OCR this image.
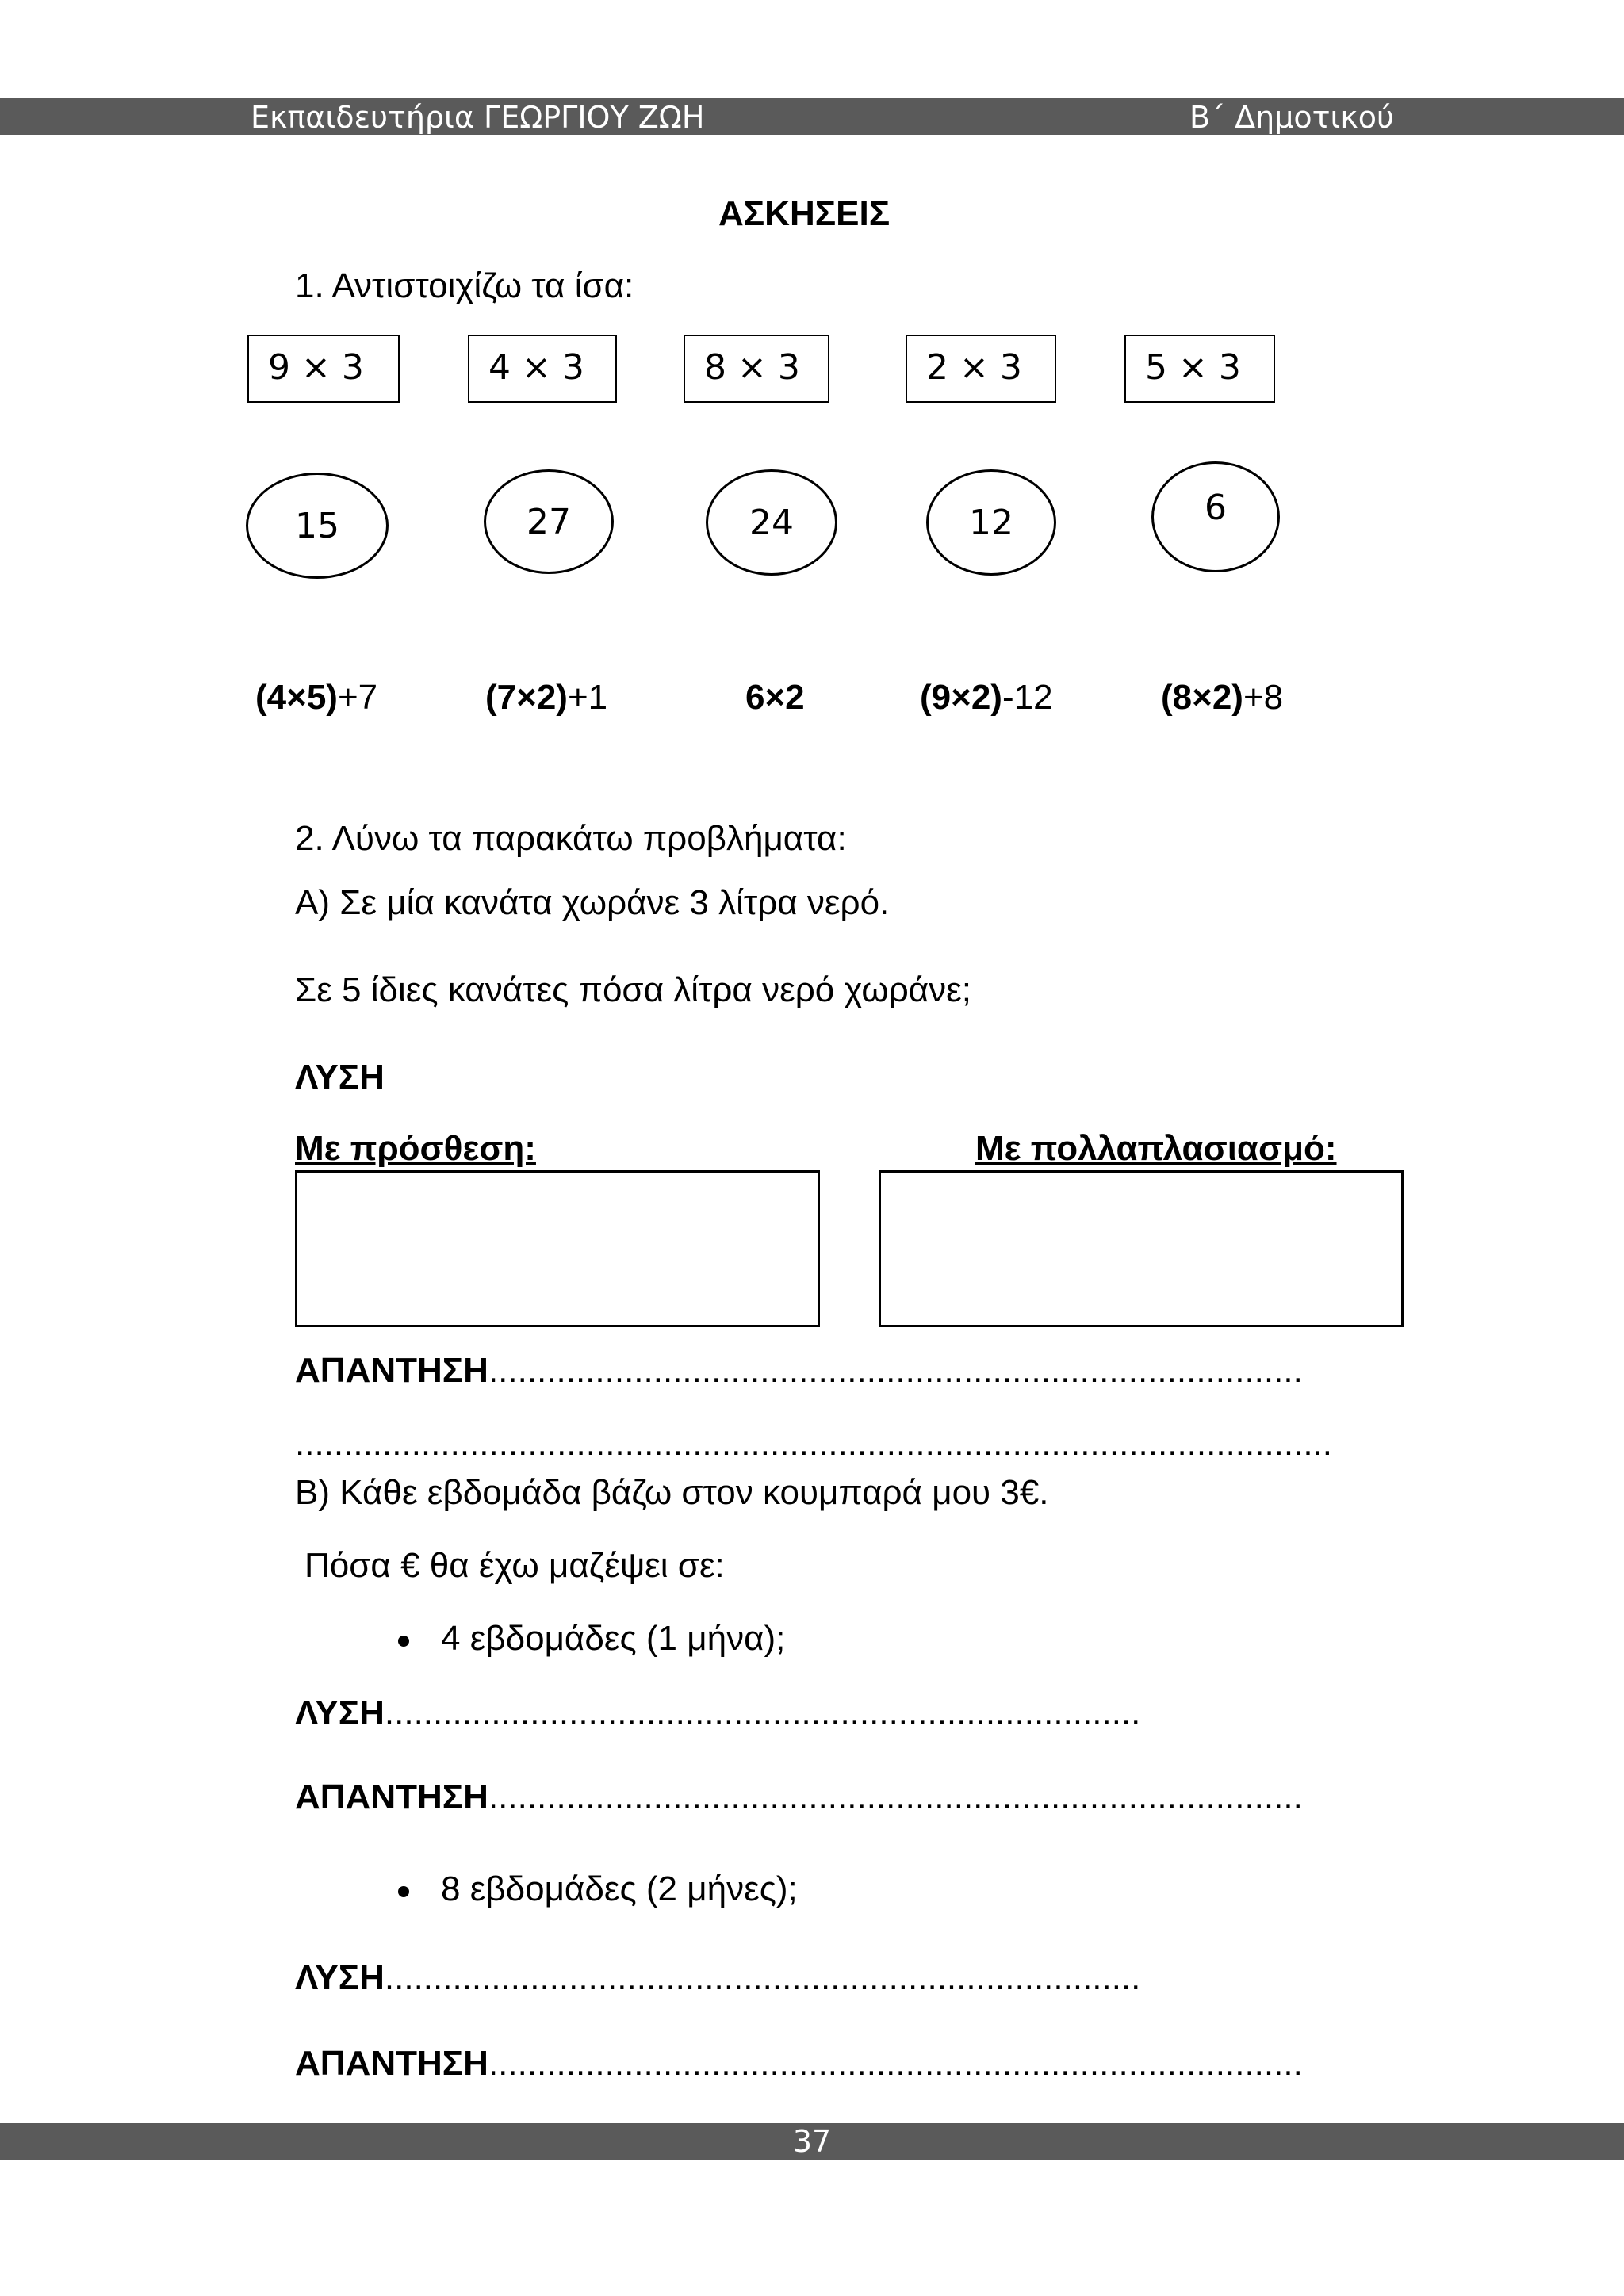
Εκπαιδευτήρια ΓΕΩΡΓΙΟΥ ΖΩΗ	Β΄ Δημοτικού
ΑΣΚΗΣΕΙΣ
1. Αντιστοιχίζω τα ίσα:
9 × 3	4 × 3	8 × 3	2 × 3	5 × 3
15	27	24	12	6
(4×5)+7	(7×2)+1	6×2	(9×2)-12	(8×2)+8
2. Λύνω τα παρακάτω προβλήματα:
Α) Σε μία κανάτα χωράνε 3 λίτρα νερό.
Σε 5 ίδιες κανάτες πόσα λίτρα νερό χωράνε;
ΛΥΣΗ
Με πρόσθεση:	Με πολλαπλασιασμό:
ΑΠΑΝΤΗΣΗ....................................................................................
...........................................................................................................
Β) Κάθε εβδομάδα βάζω στον κουμπαρά μου 3€.
Πόσα € θα έχω μαζέψει σε:
4 εβδομάδες (1 μήνα);
ΛΥΣΗ..............................................................................
ΑΠΑΝΤΗΣΗ....................................................................................
8 εβδομάδες (2 μήνες);
ΛΥΣΗ..............................................................................
ΑΠΑΝΤΗΣΗ....................................................................................
37
